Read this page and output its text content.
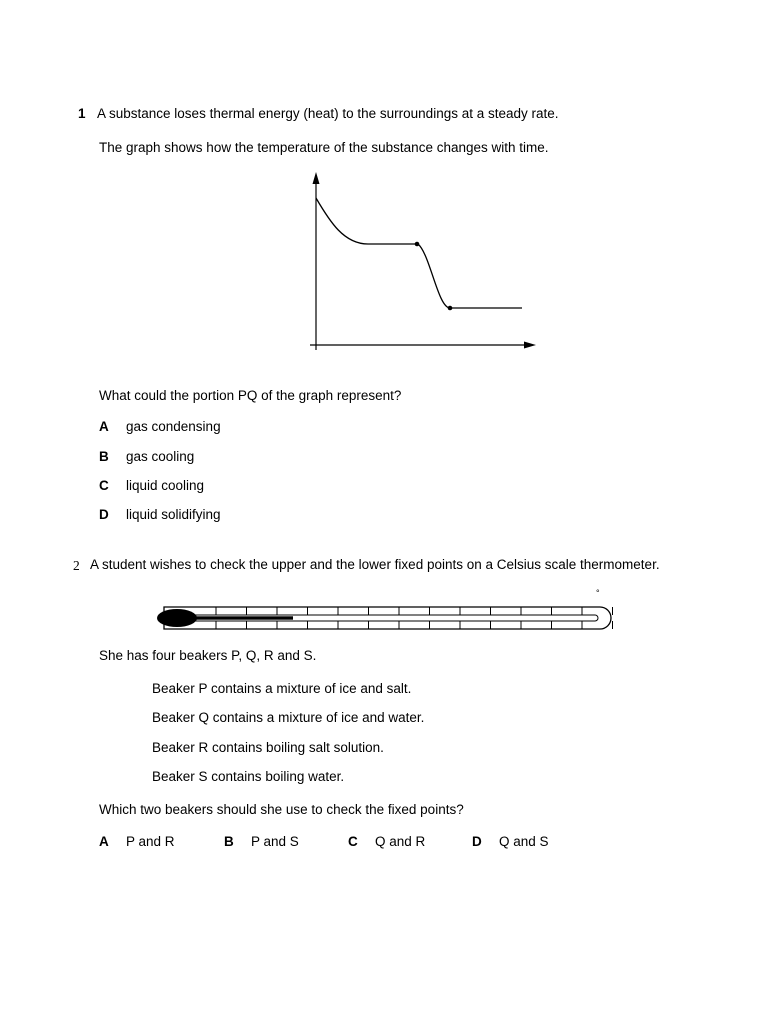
1 A substance loses thermal energy (heat) to the surroundings at a steady rate.
The graph shows how the temperature of the substance changes with time.
What could the portion PQ of the graph represent?
A gas condensing
B gas cooling
C liquid cooling
D liquid solidifying
2 A student wishes to check the upper and the lower fixed points on a Celsius scale thermometer.
°
She has four beakers P, Q, R and S.
Beaker P contains a mixture of ice and salt.
Beaker Q contains a mixture of ice and water.
Beaker R contains boiling salt solution.
Beaker S contains boiling water.
Which two beakers should she use to check the fixed points?
A P and R	B P and S	C Q and R	D Q and S
